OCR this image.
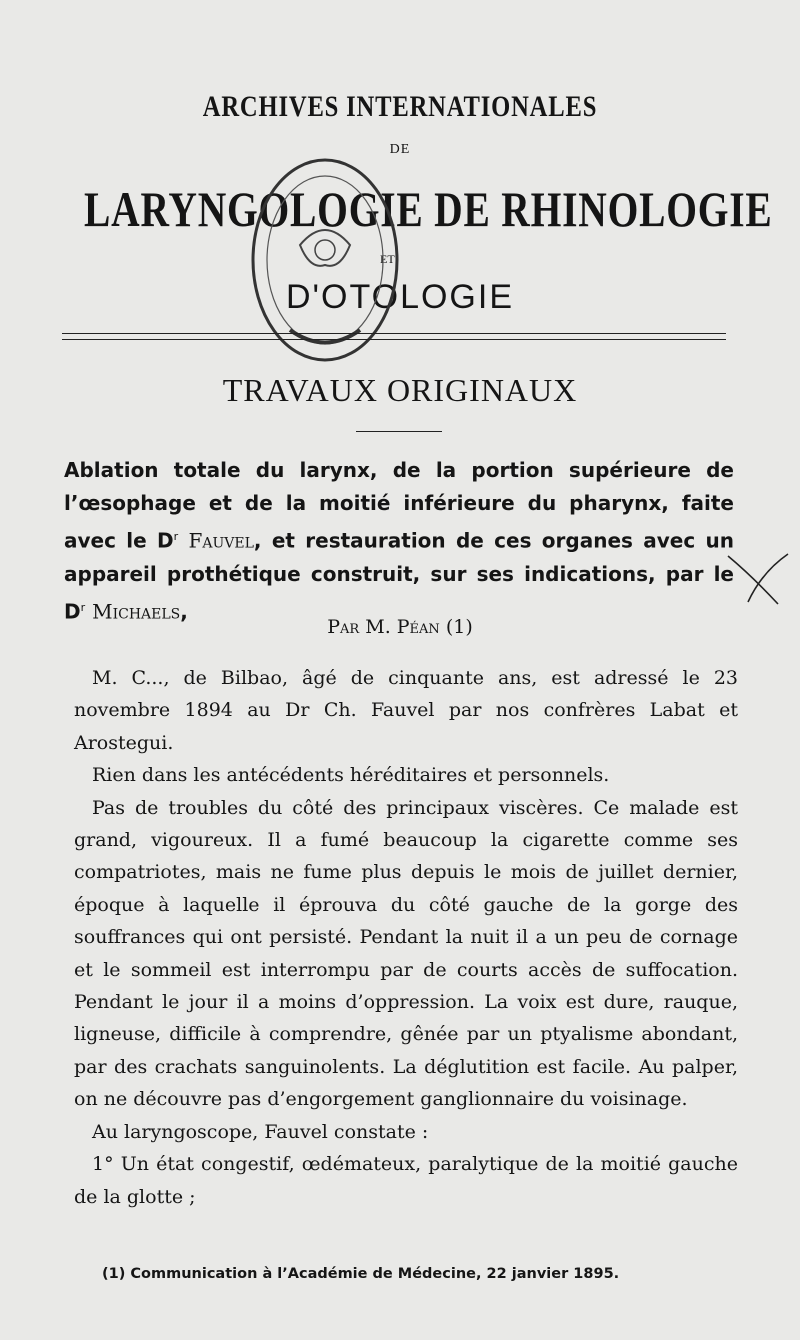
ARCHIVES INTERNATIONALES
DE
LARYNGOLOGIE DE RHINOLOGIE
ET
D'OTOLOGIE
TRAVAUX ORIGINAUX
Ablation totale du larynx, de la portion supérieure de l’œsophage et de la moitié inférieure du pharynx, faite avec le $D^r$ Fauvel, et restauration de ces organes avec un appareil prothétique construit, sur ses indications, par le $D^r$ Michaels,
Par M. Péan (1)

M. C..., de Bilbao, âgé de cinquante ans, est adressé le 23 novembre 1894 au Dr Ch. Fauvel par nos confrères Labat et Arostegui.

Rien dans les antécédents héréditaires et personnels.

Pas de troubles du côté des principaux viscères. Ce malade est grand, vigoureux. Il a fumé beaucoup la cigarette comme ses compatriotes, mais ne fume plus depuis le mois de juillet dernier, époque à laquelle il éprouva du côté gauche de la gorge des souffrances qui ont persisté. Pendant la nuit il a un peu de cornage et le sommeil est interrompu par de courts accès de suffocation. Pendant le jour il a moins d’oppression. La voix est dure, rauque, ligneuse, difficile à comprendre, gênée par un ptyalisme abondant, par des crachats sanguinolents. La déglutition est facile. Au palper, on ne découvre pas d’engorgement ganglionnaire du voisinage.

Au laryngoscope, Fauvel constate :

1° Un état congestif, œdémateux, paralytique de la moitié gauche de la glotte ;

(1) Communication à l’Académie de Médecine, 22 janvier 1895.
